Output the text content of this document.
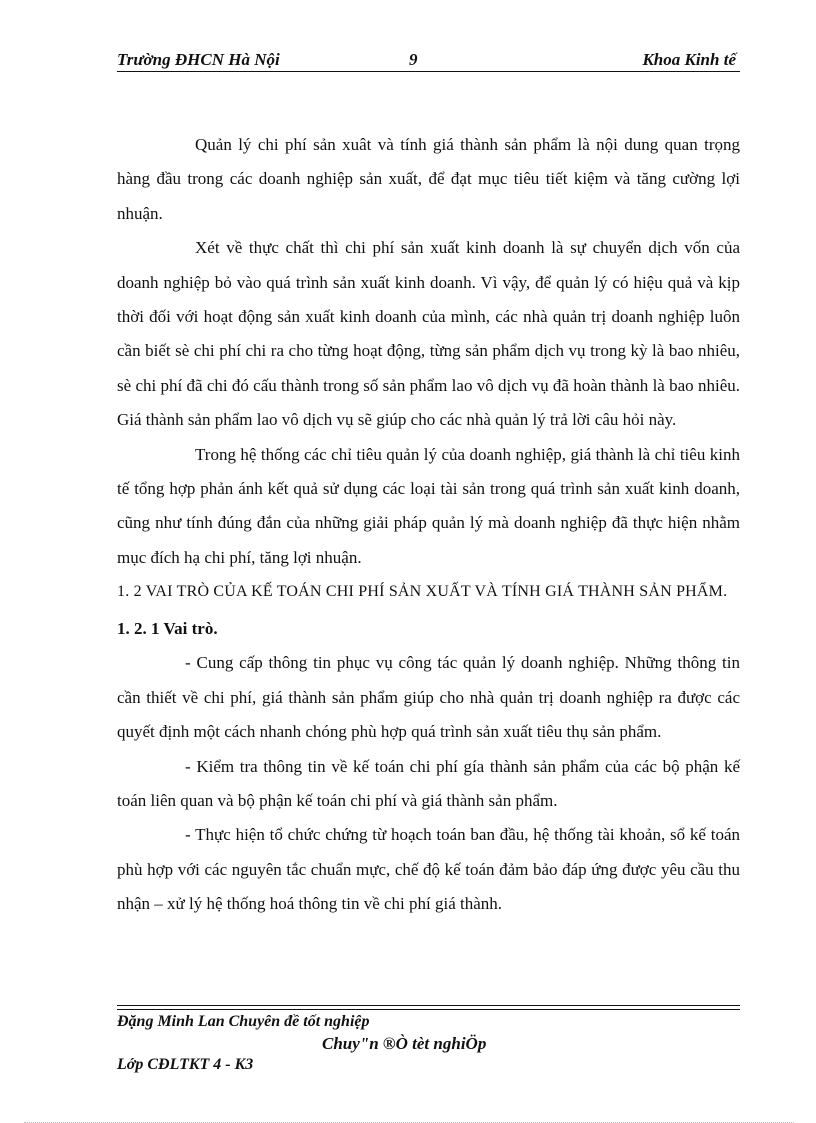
Trường ĐHCN Hà Nội	9	Khoa Kinh tế

Quản lý chi phí sản xuât và tính giá thành sản phẩm là nội dung quan trọng hàng đầu trong các doanh nghiệp sản xuất, để đạt mục tiêu tiết kiệm và tăng cường lợi nhuận.

Xét về thực chất thì chi phí sản xuất kinh doanh là sự chuyển dịch vốn của doanh nghiệp bỏ vào quá trình sản xuất kinh doanh. Vì vậy, để quản lý có hiệu quả và kịp thời đối với hoạt động sản xuất kinh doanh của mình, các nhà quản trị doanh nghiệp luôn cần biết sè chi phí chi ra cho từng hoạt động, từng sản phẩm dịch vụ trong kỳ là bao nhiêu, sè chi phí đã chi đó cấu thành trong số sản phẩm lao vô dịch vụ đã hoàn thành là bao nhiêu. Giá thành sản phẩm lao vô dịch vụ sẽ giúp cho các nhà quản lý trả lời câu hỏi này.

Trong hệ thống các chỉ tiêu quản lý của doanh nghiệp, giá thành là chỉ tiêu kinh tế tổng hợp phản ánh kết quả sử dụng các loại tài sản trong quá trình sản xuất kinh doanh, cũng như tính đúng đắn của những giải pháp quản lý mà doanh nghiệp đã thực hiện nhằm mục đích hạ chi phí, tăng lợi nhuận.

1. 2 VAI TRÒ CỦA KẾ TOÁN CHI PHÍ SẢN XUẤT VÀ TÍNH GIÁ THÀNH SẢN PHẨM.

1. 2. 1 Vai trò.

- Cung cấp thông tin phục vụ công tác quản lý doanh nghiệp. Những thông tin cần thiết về chi phí, giá thành sản phẩm giúp cho nhà quản trị doanh nghiệp ra được các quyết định một cách nhanh chóng phù hợp quá trình sản xuất tiêu thụ sản phẩm.

- Kiểm tra thông tin về kế toán chi phí gía thành sản phẩm của các bộ phận kế toán liên quan và bộ phận kế toán chi phí và giá thành sản phẩm.

- Thực hiện tổ chức chứng từ hoạch toán ban đầu, hệ thống tài khoản, sổ kế toán phù hợp với các nguyên tắc chuẩn mực, chế độ kế toán đảm bảo đáp ứng được yêu cầu thu nhận – xử lý hệ thống hoá thông tin về chi phí giá thành.

Đặng Minh Lan Chuyên đề tốt nghiệp
Chuy"n ®Ò tèt nghiÖp
Lớp CĐLTKT 4 - K3
